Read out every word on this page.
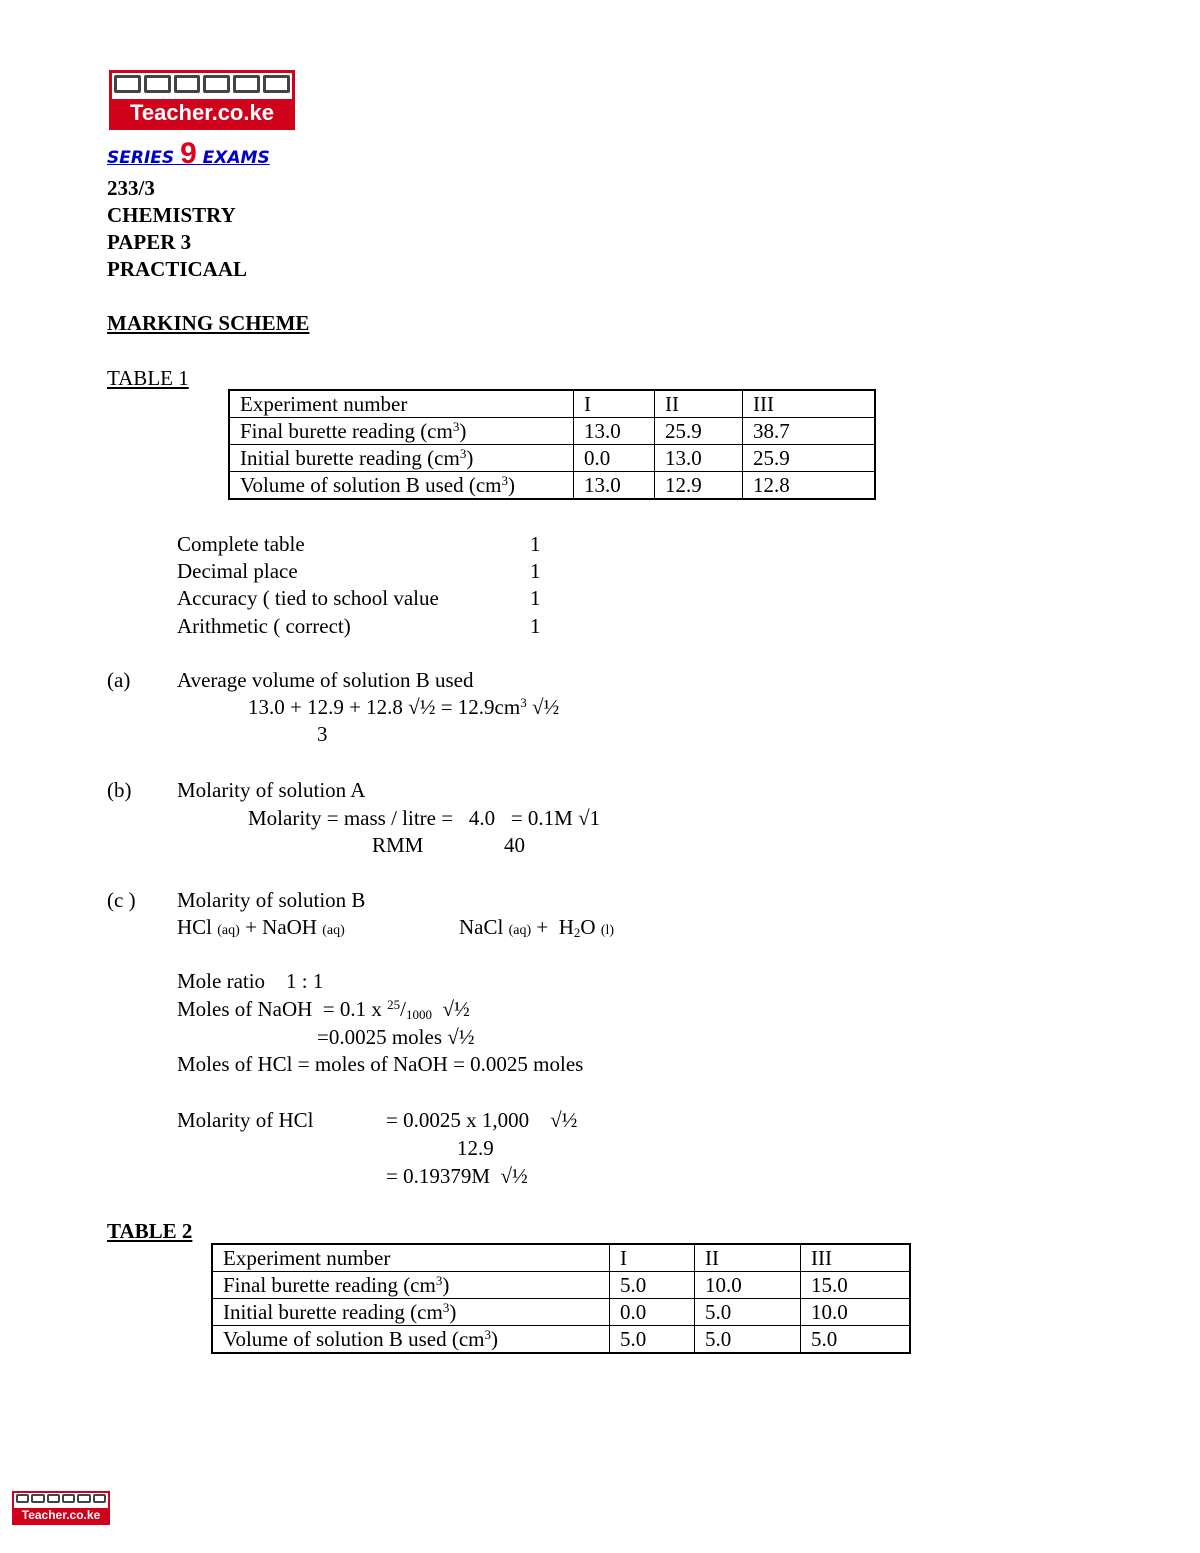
Teacher.co.ke
SERIES 9 EXAMS
233/3
CHEMISTRY
PAPER 3
PRACTICAAL
MARKING SCHEME
TABLE 1
Experiment number	I	II	III
Final burette reading $(cm^3)$	13.0	25.9	38.7
Initial burette reading $(cm^3)$	0.0	13.0	25.9
Volume of solution B used $(cm^3)$	13.0	12.9	12.8
Complete table	1
Decimal place	1
Accuracy ( tied to school value	1
Arithmetic ( correct)	1
(a) Average volume of solution B used
13.0 + 12.9 + 12.8 √½ = $12.9cm^3$ √½
3
(b) Molarity of solution A
Molarity = mass / litre =   4.0   = 0.1M √1
RMM	40
(c ) Molarity of solution B
HCl (aq) + NaOH (aq)	NaCl $(aq) + H_2O$ (l)
Mole ratio    1 : 1
Moles of NaOH  = 0.1 x $^{25}/_{1000}$  √½
=0.0025 moles √½
Moles of HCl = moles of NaOH = 0.0025 moles
Molarity of HCl	= 0.0025 x 1,000    √½
12.9
= 0.19379M  √½
TABLE 2
Experiment number	I	II	III
Final burette reading $(cm^3)$	5.0	10.0	15.0
Initial burette reading $(cm^3)$	0.0	5.0	10.0
Volume of solution B used $(cm^3)$	5.0	5.0	5.0
Teacher.co.ke
